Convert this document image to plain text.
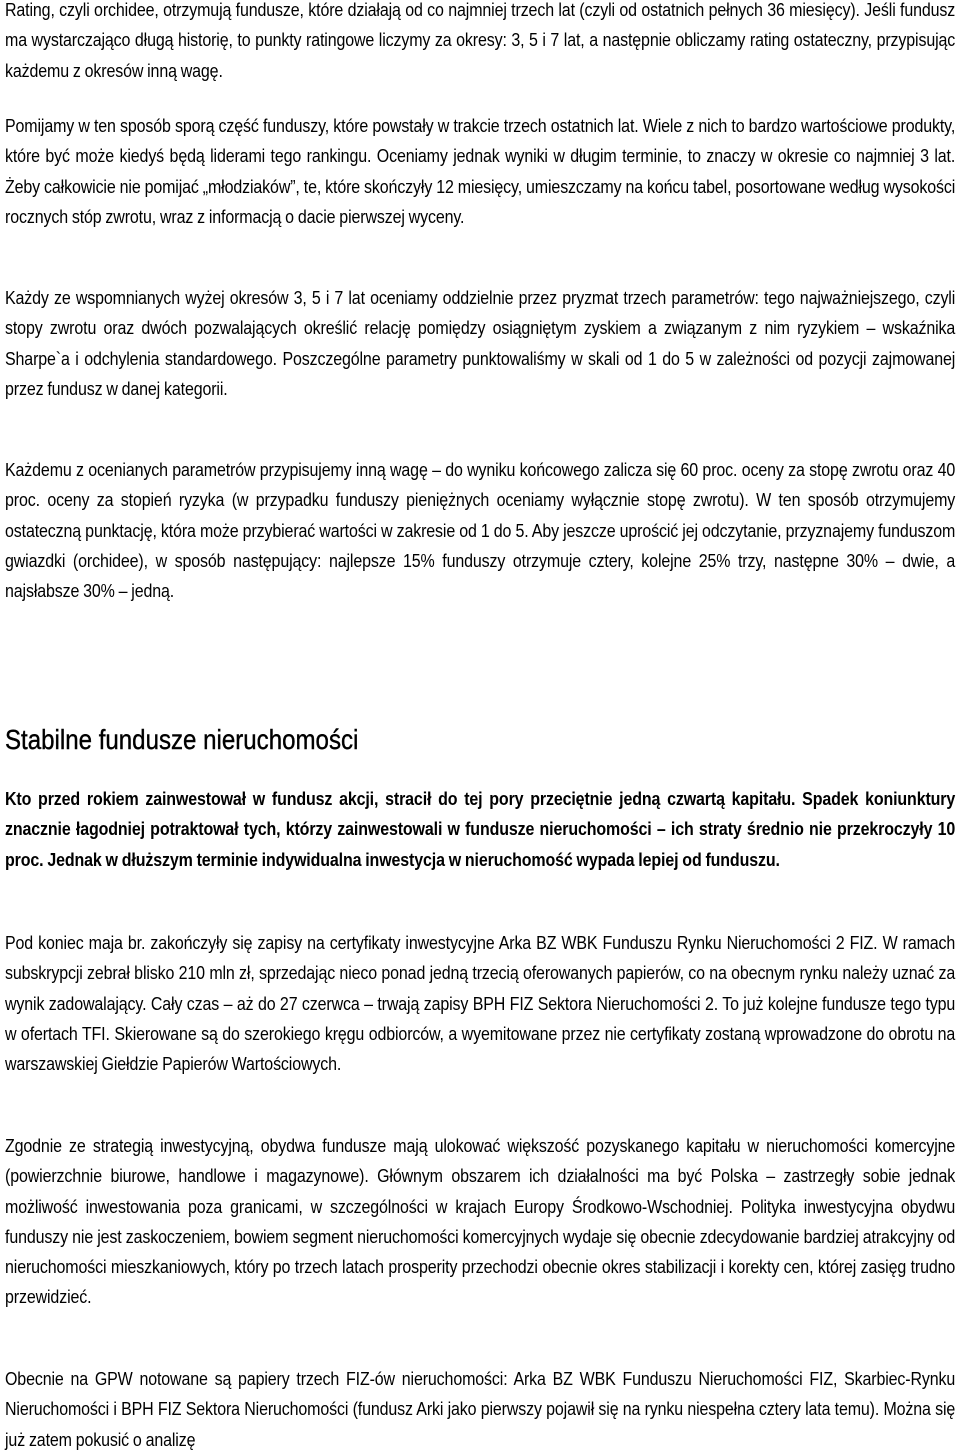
Rating, czyli orchidee, otrzymują fundusze, które działają od co najmniej trzech lat (czyli od ostatnich pełnych 36 miesięcy). Jeśli fundusz ma wystarczająco długą historię, to punkty ratingowe liczymy za okresy: 3, 5 i 7 lat, a następnie obliczamy rating ostateczny, przypisując każdemu z okresów inną wagę.

Pomijamy w ten sposób sporą część funduszy, które powstały w trakcie trzech ostatnich lat. Wiele z nich to bardzo wartościowe produkty, które być może kiedyś będą liderami tego rankingu. Oceniamy jednak wyniki w długim terminie, to znaczy w okresie co najmniej 3 lat. Żeby całkowicie nie pomijać „młodziaków”, te, które skończyły 12 miesięcy, umieszczamy na końcu tabel, posortowane według wysokości rocznych stóp zwrotu, wraz z informacją o dacie pierwszej wyceny.

Każdy ze wspomnianych wyżej okresów 3, 5 i 7 lat oceniamy oddzielnie przez pryzmat trzech parametrów: tego najważniejszego, czyli stopy zwrotu oraz dwóch pozwalających określić relację pomiędzy osiągniętym zyskiem a związanym z nim ryzykiem – wskaźnika Sharpe`a i odchylenia standardowego. Poszczególne parametry punktowaliśmy w skali od 1 do 5 w zależności od pozycji zajmowanej przez fundusz w danej kategorii.

Każdemu z ocenianych parametrów przypisujemy inną wagę – do wyniku końcowego zalicza się 60 proc. oceny za stopę zwrotu oraz 40 proc. oceny za stopień ryzyka (w przypadku funduszy pieniężnych oceniamy wyłącznie stopę zwrotu). W ten sposób otrzymujemy ostateczną punktację, która może przybierać wartości w zakresie od 1 do 5. Aby jeszcze uprościć jej odczytanie, przyznajemy funduszom gwiazdki (orchidee), w sposób następujący: najlepsze 15% funduszy otrzymuje cztery, kolejne 25% trzy, następne 30% – dwie, a najsłabsze 30% – jedną.

Stabilne fundusze nieruchomości

Kto przed rokiem zainwestował w fundusz akcji, stracił do tej pory przeciętnie jedną czwartą kapitału. Spadek koniunktury znacznie łagodniej potraktował tych, którzy zainwestowali w fundusze nieruchomości – ich straty średnio nie przekroczyły 10 proc. Jednak w dłuższym terminie indywidualna inwestycja w nieruchomość wypada lepiej od funduszu.

Pod koniec maja br. zakończyły się zapisy na certyfikaty inwestycyjne Arka BZ WBK Funduszu Rynku Nieruchomości 2 FIZ. W ramach subskrypcji zebrał blisko 210 mln zł, sprzedając nieco ponad jedną trzecią oferowanych papierów, co na obecnym rynku należy uznać za wynik zadowalający. Cały czas – aż do 27 czerwca – trwają zapisy BPH FIZ Sektora Nieruchomości 2. To już kolejne fundusze tego typu w ofertach TFI. Skierowane są do szerokiego kręgu odbiorców, a wyemitowane przez nie certyfikaty zostaną wprowadzone do obrotu na warszawskiej Giełdzie Papierów Wartościowych.

Zgodnie ze strategią inwestycyjną, obydwa fundusze mają ulokować większość pozyskanego kapitału w nieruchomości komercyjne (powierzchnie biurowe, handlowe i magazynowe). Głównym obszarem ich działalności ma być Polska – zastrzegły sobie jednak możliwość inwestowania poza granicami, w szczególności w krajach Europy Środkowo-Wschodniej. Polityka inwestycyjna obydwu funduszy nie jest zaskoczeniem, bowiem segment nieruchomości komercyjnych wydaje się obecnie zdecydowanie bardziej atrakcyjny od nieruchomości mieszkaniowych, który po trzech latach prosperity przechodzi obecnie okres stabilizacji i korekty cen, której zasięg trudno przewidzieć.

Obecnie na GPW notowane są papiery trzech FIZ-ów nieruchomości: Arka BZ WBK Funduszu Nieruchomości FIZ, Skarbiec-Rynku Nieruchomości i BPH FIZ Sektora Nieruchomości (fundusz Arki jako pierwszy pojawił się na rynku niespełna cztery lata temu). Można się już zatem pokusić o analizę
